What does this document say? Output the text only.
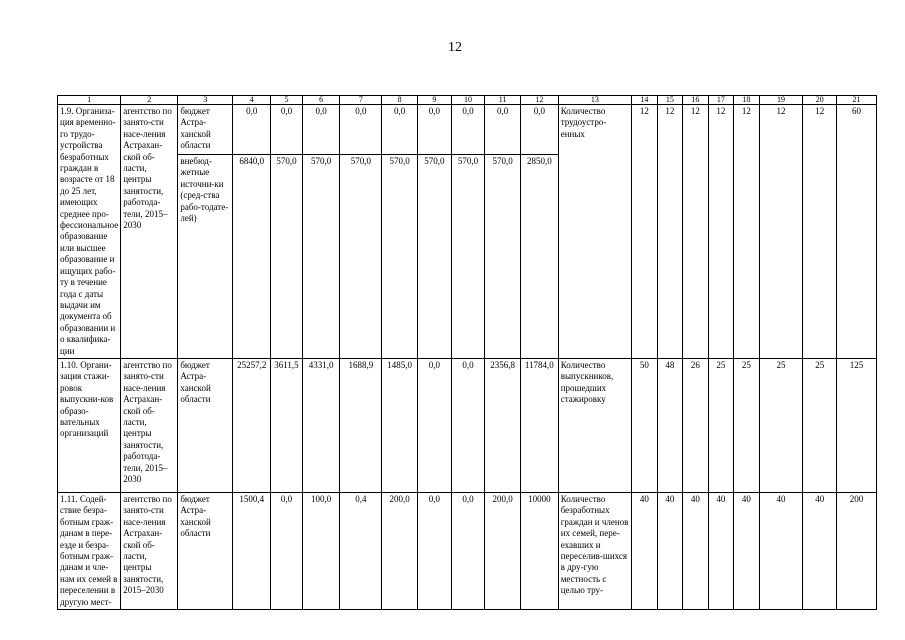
12
1	2	3	4	5	6	7	8	9	10	11	12	13	14	15	16	17	18	19	20	21
1.9. Организа-ция временно-го трудо-устройства безработных граждан в возрасте от 18 до 25 лет, имеющих среднее про-фессиональное образование или высшее образование и ищущих рабо-ту в течение года с даты выдачи им документа об образовании и о квалифика-ции	агентство по занято-сти насе-ления Астрахан-ской об-ласти, центры занятости, работода-тели, 2015–2030	бюджет Астра-ханской области	0,0	0,0	0,0	0,0	0,0	0,0	0,0	0,0	0,0	Количество трудоустро-енных	12	12	12	12	12	12	12	60
		внебюд-жетные источни-ки (сред-ства рабо-тодате-лей)	6840,0	570,0	570,0	570,0	570,0	570,0	570,0	570,0	2850,0									
1.10. Органи-зация стажи-ровок выпускни-ков образо-вательных организаций	агентство по занято-сти насе-ления Астрахан-ской об-ласти, центры занятости, работода-тели, 2015–2030	бюджет Астра-ханской области	25257,2	3611,5	4331,0	1688,9	1485,0	0,0	0,0	2356,8	11784,0	Количество выпускников, прошедших стажировку	50	48	26	25	25	25	25	125
1.11. Содей-ствие безра-ботным граж-данам в пере-езде и безра-ботным граж-данам и чле-нам их семей в переселении в другую мест-	агентство по занято-сти насе-ления Астрахан-ской об-ласти, центры занятости, 2015–2030	бюджет Астра-ханской области	1500,4	0,0	100,0	0,4	200,0	0,0	0,0	200,0	10000	Количество безработных граждан и членов их семей, пере-ехавших и переселив-шихся в дру-гую местность с целью тру-	40	40	40	40	40	40	40	200
